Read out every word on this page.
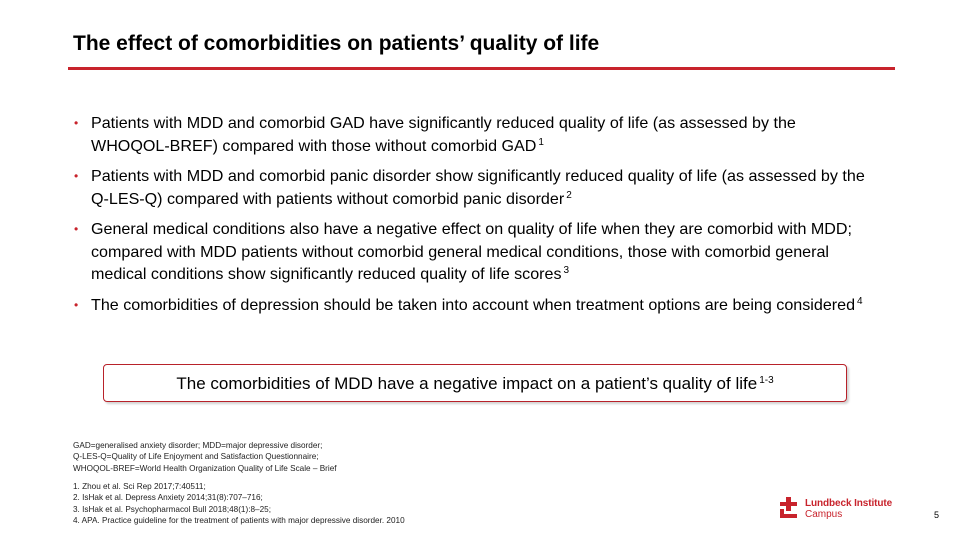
The effect of comorbidities on patients’ quality of life
• Patients with MDD and comorbid GAD have significantly reduced quality of life (as assessed by the WHOQOL-BREF) compared with those without comorbid GAD $^1$
• Patients with MDD and comorbid panic disorder show significantly reduced quality of life (as assessed by the Q-LES-Q) compared with patients without comorbid panic disorder $^2$
• General medical conditions also have a negative effect on quality of life when they are comorbid with MDD; compared with MDD patients without comorbid general medical conditions, those with comorbid general medical conditions show significantly reduced quality of life scores $^3$
• The comorbidities of depression should be taken into account when treatment options are being considered $^4$
The comorbidities of MDD have a negative impact on a patient’s quality of life $^{1-3}$
GAD=generalised anxiety disorder; MDD=major depressive disorder;
Q-LES-Q=Quality of Life Enjoyment and Satisfaction Questionnaire;
WHOQOL-BREF=World Health Organization Quality of Life Scale – Brief
1. Zhou et al. Sci Rep 2017;7:40511;
2. IsHak et al. Depress Anxiety 2014;31(8):707–716;
3. IsHak et al. Psychopharmacol Bull 2018;48(1):8–25;
4. APA. Practice guideline for the treatment of patients with major depressive disorder. 2010
Lundbeck Institute
Campus	5
